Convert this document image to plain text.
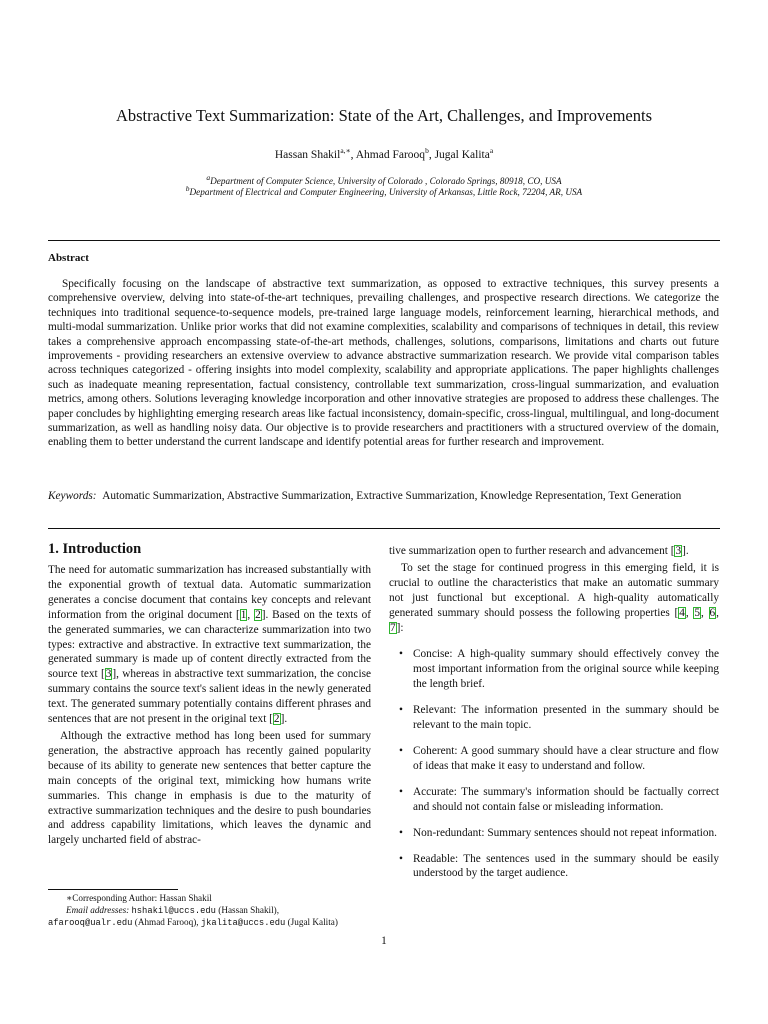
Abstractive Text Summarization: State of the Art, Challenges, and Improvements
Hassan Shakil$^{a,∗}$, Ahmad Farooq$^b$, Jugal Kalita$^a$
$^a$Department of Computer Science, University of Colorado , Colorado Springs, 80918, CO, USA
$^b$Department of Electrical and Computer Engineering, University of Arkansas, Little Rock, 72204, AR, USA
Abstract

Specifically focusing on the landscape of abstractive text summarization, as opposed to extractive techniques, this survey presents a comprehensive overview, delving into state-of-the-art techniques, prevailing challenges, and prospective research directions. We categorize the techniques into traditional sequence-to-sequence models, pre-trained large language models, reinforcement learning, hierarchical methods, and multi-modal summarization. Unlike prior works that did not examine complexities, scalability and comparisons of techniques in detail, this review takes a comprehensive approach encompassing state-of-the-art methods, challenges, solutions, comparisons, limitations and charts out future improvements - providing researchers an extensive overview to advance abstractive summarization research. We provide vital comparison tables across techniques categorized - offering insights into model complexity, scalability and appropriate applications. The paper highlights challenges such as inadequate meaning representation, factual consistency, controllable text summarization, cross-lingual summarization, and evaluation metrics, among others. Solutions leveraging knowledge incorporation and other innovative strategies are proposed to address these challenges. The paper concludes by highlighting emerging research areas like factual inconsistency, domain-specific, cross-lingual, multilingual, and long-document summarization, as well as handling noisy data. Our objective is to provide researchers and practitioners with a structured overview of the domain, enabling them to better understand the current landscape and identify potential areas for further research and improvement.

Keywords: Automatic Summarization, Abstractive Summarization, Extractive Summarization, Knowledge Representation, Text Generation

1. Introduction

The need for automatic summarization has increased substantially with the exponential growth of textual data. Automatic summarization generates a concise document that contains key concepts and relevant information from the original document [1, 2]. Based on the texts of the generated summaries, we can characterize summarization into two types: extractive and abstractive. In extractive text summarization, the generated summary is made up of content directly extracted from the source text [3], whereas in abstractive text summarization, the concise summary contains the source text's salient ideas in the newly generated text. The generated summary potentially contains different phrases and sentences that are not present in the original text [2].

Although the extractive method has long been used for summary generation, the abstractive approach has recently gained popularity because of its ability to generate new sentences that better capture the main concepts of the original text, mimicking how humans write summaries. This change in emphasis is due to the maturity of extractive summarization techniques and the desire to push boundaries and address capability limitations, which leaves the dynamic and largely uncharted field of abstrac-

tive summarization open to further research and advancement [3].

To set the stage for continued progress in this emerging field, it is crucial to outline the characteristics that make an automatic summary not just functional but exceptional. A high-quality automatically generated summary should possess the following properties [4, 5, 6, 7]:

• Concise: A high-quality summary should effectively convey the most important information from the original source while keeping the length brief.
• Relevant: The information presented in the summary should be relevant to the main topic.
• Coherent: A good summary should have a clear structure and flow of ideas that make it easy to understand and follow.
• Accurate: The summary's information should be factually correct and should not contain false or misleading information.
• Non-redundant: Summary sentences should not repeat information.
• Readable: The sentences used in the summary should be easily understood by the target audience.
∗Corresponding Author: Hassan Shakil
Email addresses: hshakil@uccs.edu (Hassan Shakil),
afarooq@ualr.edu (Ahmad Farooq), jkalita@uccs.edu (Jugal Kalita)
1
